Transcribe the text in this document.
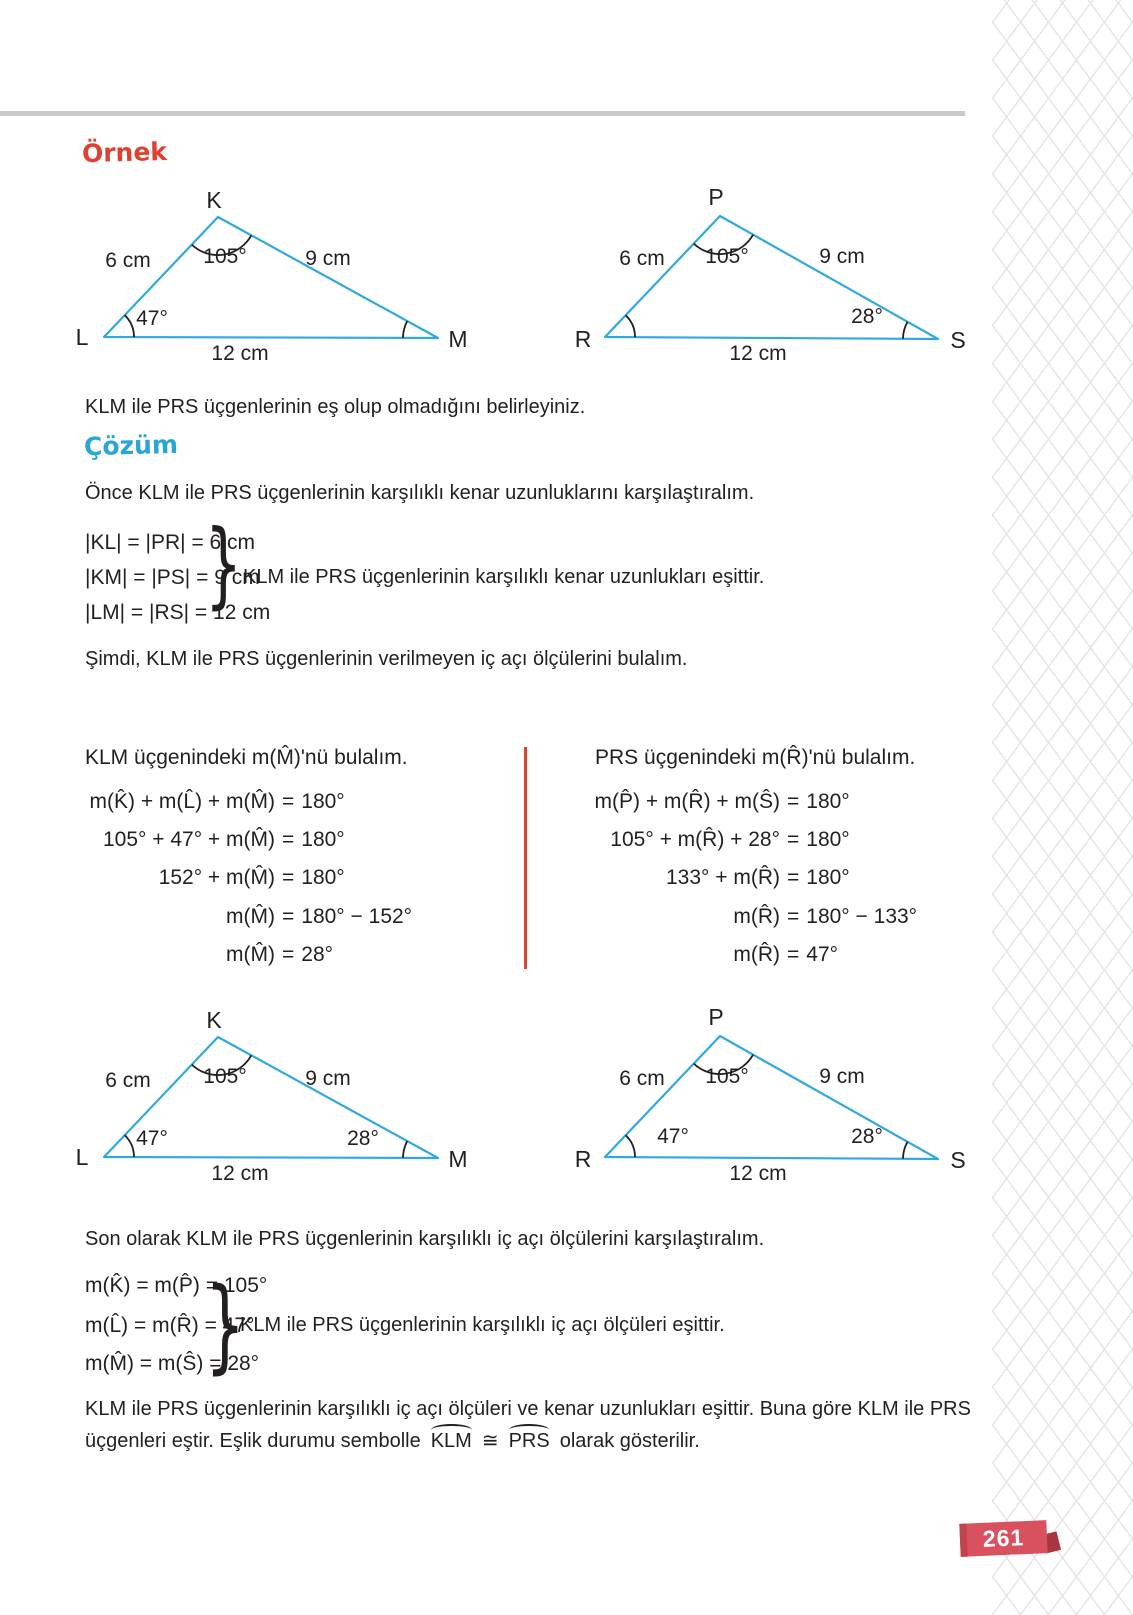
Örnek
K
L	M
6 cm	105°	9 cm
47°
12 cm
P
R	S
6 cm 105°	9 cm
12 cm
28°
KLM ile PRS üçgenlerinin eş olup olmadığını belirleyiniz.
Çözüm
Önce KLM ile PRS üçgenlerinin karşılıklı kenar uzunluklarını karşılaştıralım.
|KL| = |PR| = 6 cm
|KM| = |PS| = 9 cm
|LM| = |RS| = 12 cm
} KLM ile PRS üçgenlerinin karşılıklı kenar uzunlukları eşittir.
Şimdi, KLM ile PRS üçgenlerinin verilmeyen iç açı ölçülerini bulalım.
KLM üçgenindeki m(M̂)'nü bulalım.
m(K̂) + m(L̂) + m(M̂) = 180°
105° + 47° + m(M̂) = 180°
152° + m(M̂) = 180°
m(M̂) = 180° − 152°
m(M̂) = 28°
PRS üçgenindeki m(R̂)'nü bulalım.
m(P̂) + m(R̂) + m(Ŝ) = 180°
105° + m(R̂) + 28° = 180°
133° + m(R̂) = 180°
m(R̂) = 180° − 133°
m(R̂) = 47°
K
L	M
6 cm	105°	9 cm
47°
12 cm
28°
P
R	S
6 cm 105°	9 cm
47°
12 cm
28°
Son olarak KLM ile PRS üçgenlerinin karşılıklı iç açı ölçülerini karşılaştıralım.
m(K̂) = m(P̂) = 105°
m(L̂) = m(R̂) = 47°
m(M̂) = m(Ŝ) = 28°
}
KLM ile PRS üçgenlerinin karşılıklı iç açı ölçüleri eşittir.
KLM ile PRS üçgenlerinin karşılıklı iç açı ölçüleri ve kenar uzunlukları eşittir. Buna göre KLM ile PRS
üçgenleri eştir. Eşlik durumu sembolle KLM ≅ PRS olarak gösterilir.
261
